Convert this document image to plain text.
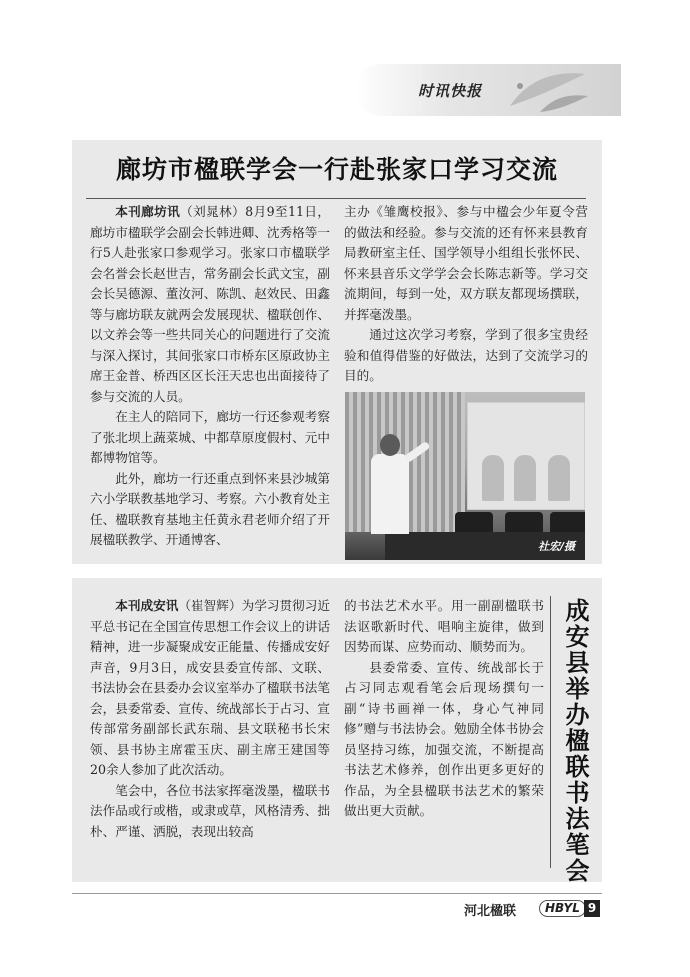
时讯快报
廊坊市楹联学会一行赴张家口学习交流

本刊廊坊讯（刘晁林）8月9至11日，廊坊市楹联学会副会长韩进卿、沈秀格等一行5人赴张家口参观学习。张家口市楹联学会名誉会长赵世吉，常务副会长武文宝，副会长吴德源、董汝河、陈凯、赵效民、田鑫等与廊坊联友就两会发展现状、楹联创作、以文养会等一些共同关心的问题进行了交流与深入探讨，其间张家口市桥东区原政协主席王金普、桥西区区长汪天忠也出面接待了参与交流的人员。

在主人的陪同下，廊坊一行还参观考察了张北坝上蔬菜城、中都草原度假村、元中都博物馆等。

此外，廊坊一行还重点到怀来县沙城第六小学联教基地学习、考察。六小教育处主任、楹联教育基地主任黄永君老师介绍了开展楹联教学、开通博客、

主办《雏鹰校报》、参与中楹会少年夏令营的做法和经验。参与交流的还有怀来县教育局教研室主任、国学领导小组组长张怀民、怀来县音乐文学学会会长陈志新等。学习交流期间，每到一处，双方联友都现场撰联，并挥毫泼墨。

通过这次学习考察，学到了很多宝贵经验和值得借鉴的好做法，达到了交流学习的目的。

社宏/摄

本刊成安讯（崔智辉）为学习贯彻习近平总书记在全国宣传思想工作会议上的讲话精神，进一步凝聚成安正能量、传播成安好声音，9月3日，成安县委宣传部、文联、书法协会在县委办会议室举办了楹联书法笔会，县委常委、宣传、统战部长于占习、宣传部常务副部长武东瑞、县文联秘书长宋领、县书协主席霍玉庆、副主席王建国等20余人参加了此次活动。

笔会中，各位书法家挥毫泼墨，楹联书法作品或行或楷，或隶或草，风格清秀、拙朴、严谨、洒脱，表现出较高

的书法艺术水平。用一副副楹联书法讴歌新时代、唱响主旋律，做到因势而谋、应势而动、顺势而为。

县委常委、宣传、统战部长于占习同志观看笔会后现场撰句一副“诗书画禅一体，身心气神同修”赠与书法协会。勉励全体书协会员坚持习练，加强交流，不断提高书法艺术修养，创作出更多更好的作品，为全县楹联书法艺术的繁荣做出更大贡献。	成安县举办楹联书法笔会
河北楹联	HBYL 9
